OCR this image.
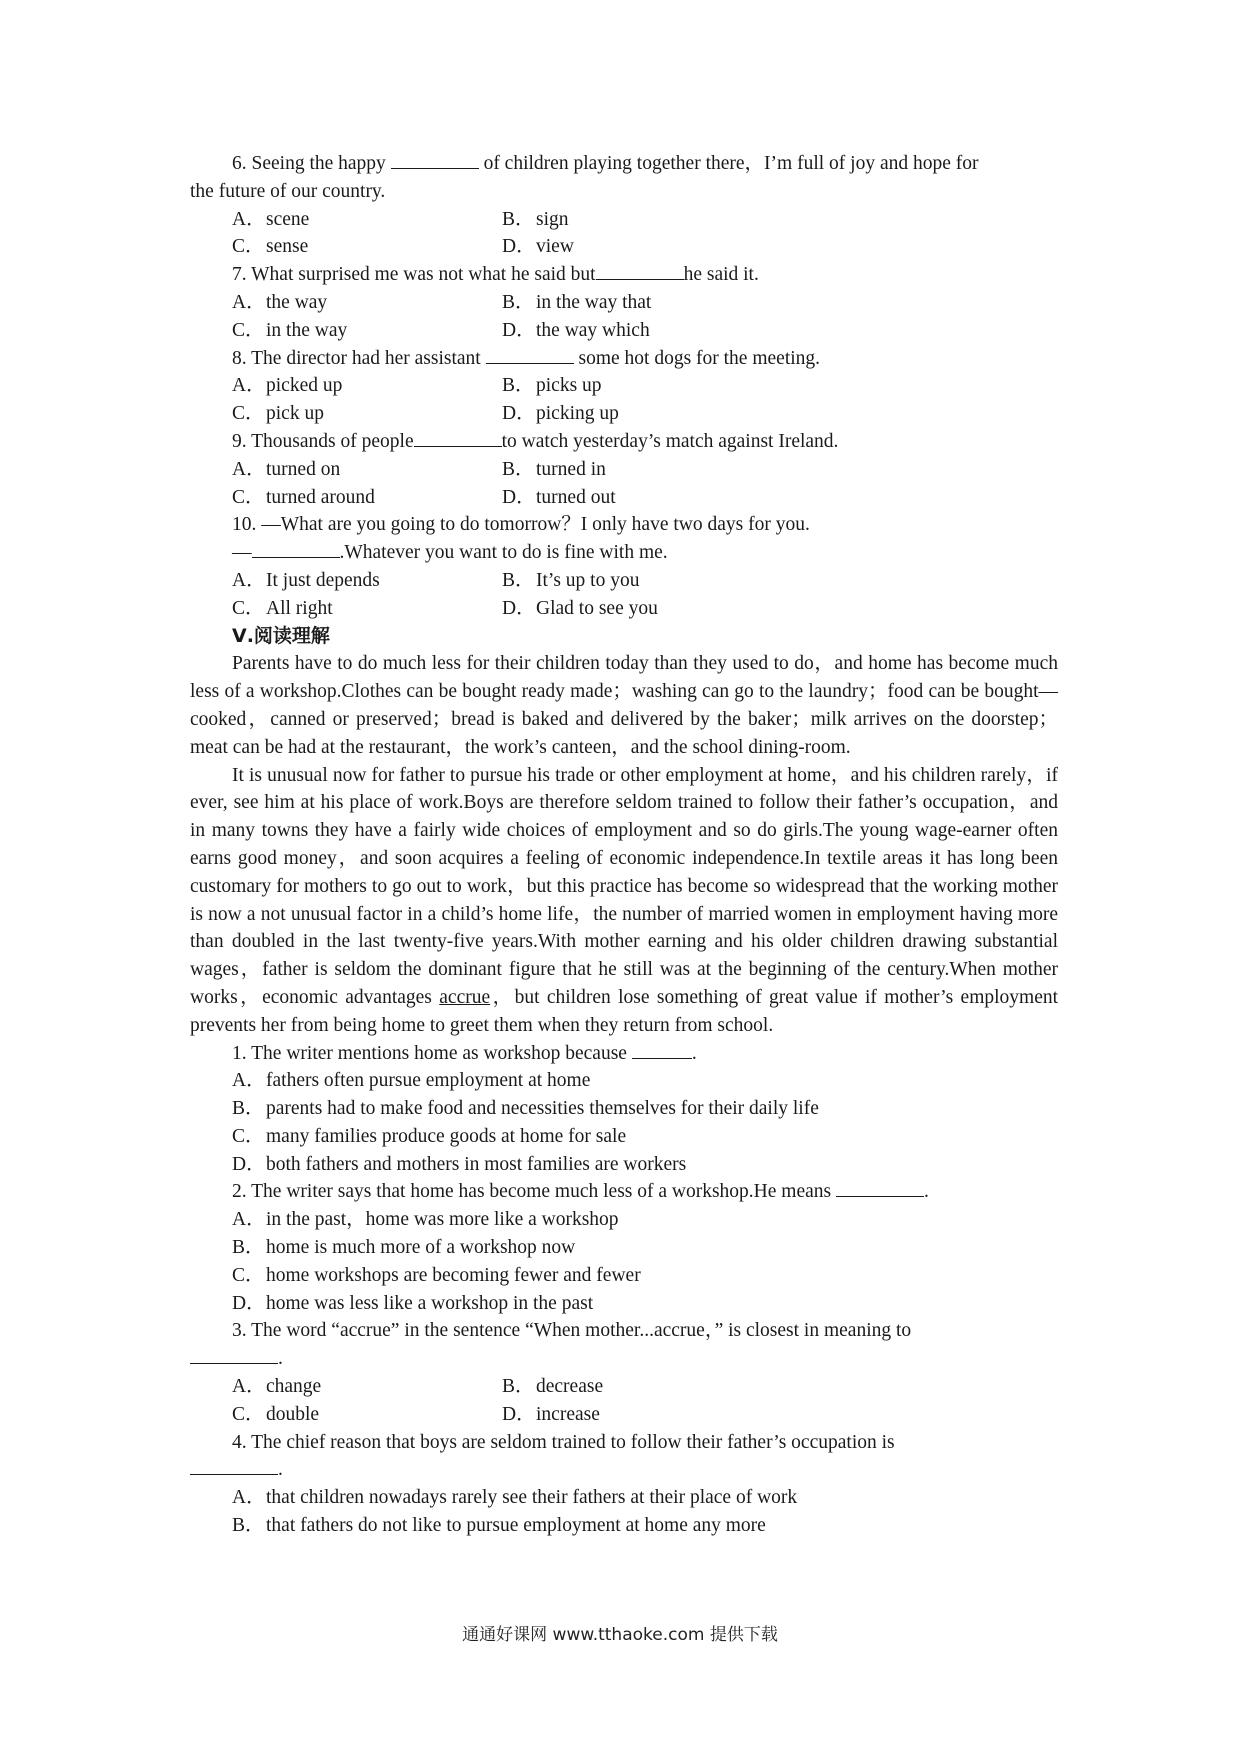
6. Seeing the happy	of children playing together there，I’m full of joy and hope for

the future of our country.

A．scene	B．sign
C．sense	D．view

7. What surprised me was not what he said but	he said it.

A．the way	B．in the way that
C．in the way	D．the way which

8. The director had her assistant	some hot dogs for the meeting.

A．picked up	B．picks up
C．pick up	D．picking up

9. Thousands of people	to watch yesterday’s match against Ireland.

A．turned on	B．turned in
C．turned around	D．turned out

10. —What are you going to do tomorrow？I only have two days for you.

—	.Whatever you want to do is fine with me.

A．It just depends	B．It’s up to you
C．All right	D．Glad to see you
Ⅴ.阅读理解

Parents have to do much less for their children today than they used to do，and home has become much less of a workshop.Clothes can be bought ready made；washing can go to the laundry；food can be bought—cooked，canned or preserved；bread is baked and delivered by the baker；milk arrives on the doorstep；meat can be had at the restaurant，the work’s canteen，and the school dining-room.

It is unusual now for father to pursue his trade or other employment at home，and his children rarely，if ever, see him at his place of work.Boys are therefore seldom trained to follow their father’s occupation，and in many towns they have a fairly wide choices of employment and so do girls.The young wage-earner often earns good money，and soon acquires a feeling of economic independence.In textile areas it has long been customary for mothers to go out to work，but this practice has become so widespread that the working mother is now a not unusual factor in a child’s home life，the number of married women in employment having more than doubled in the last twenty-five years.With mother earning and his older children drawing substantial wages，father is seldom the dominant figure that he still was at the beginning of the century.When mother works，economic advantages accrue，but children lose something of great value if mother’s employment prevents her from being home to greet them when they return from school.

1. The writer mentions home as workshop because	.

A．fathers often pursue employment at home

B．parents had to make food and necessities themselves for their daily life

C．many families produce goods at home for sale

D．both fathers and mothers in most families are workers

2. The writer says that home has become much less of a workshop.He means	.

A．in the past，home was more like a workshop

B．home is much more of a workshop now

C．home workshops are becoming fewer and fewer

D．home was less like a workshop in the past

3. The word “accrue” in the sentence “When mother...accrue，” is closest in meaning to

.

A．change	B．decrease
C．double	D．increase

4. The chief reason that boys are seldom trained to follow their father’s occupation is

.

A．that children nowadays rarely see their fathers at their place of work

B．that fathers do not like to pursue employment at home any more

通通好课网 www.tthaoke.com 提供下载
